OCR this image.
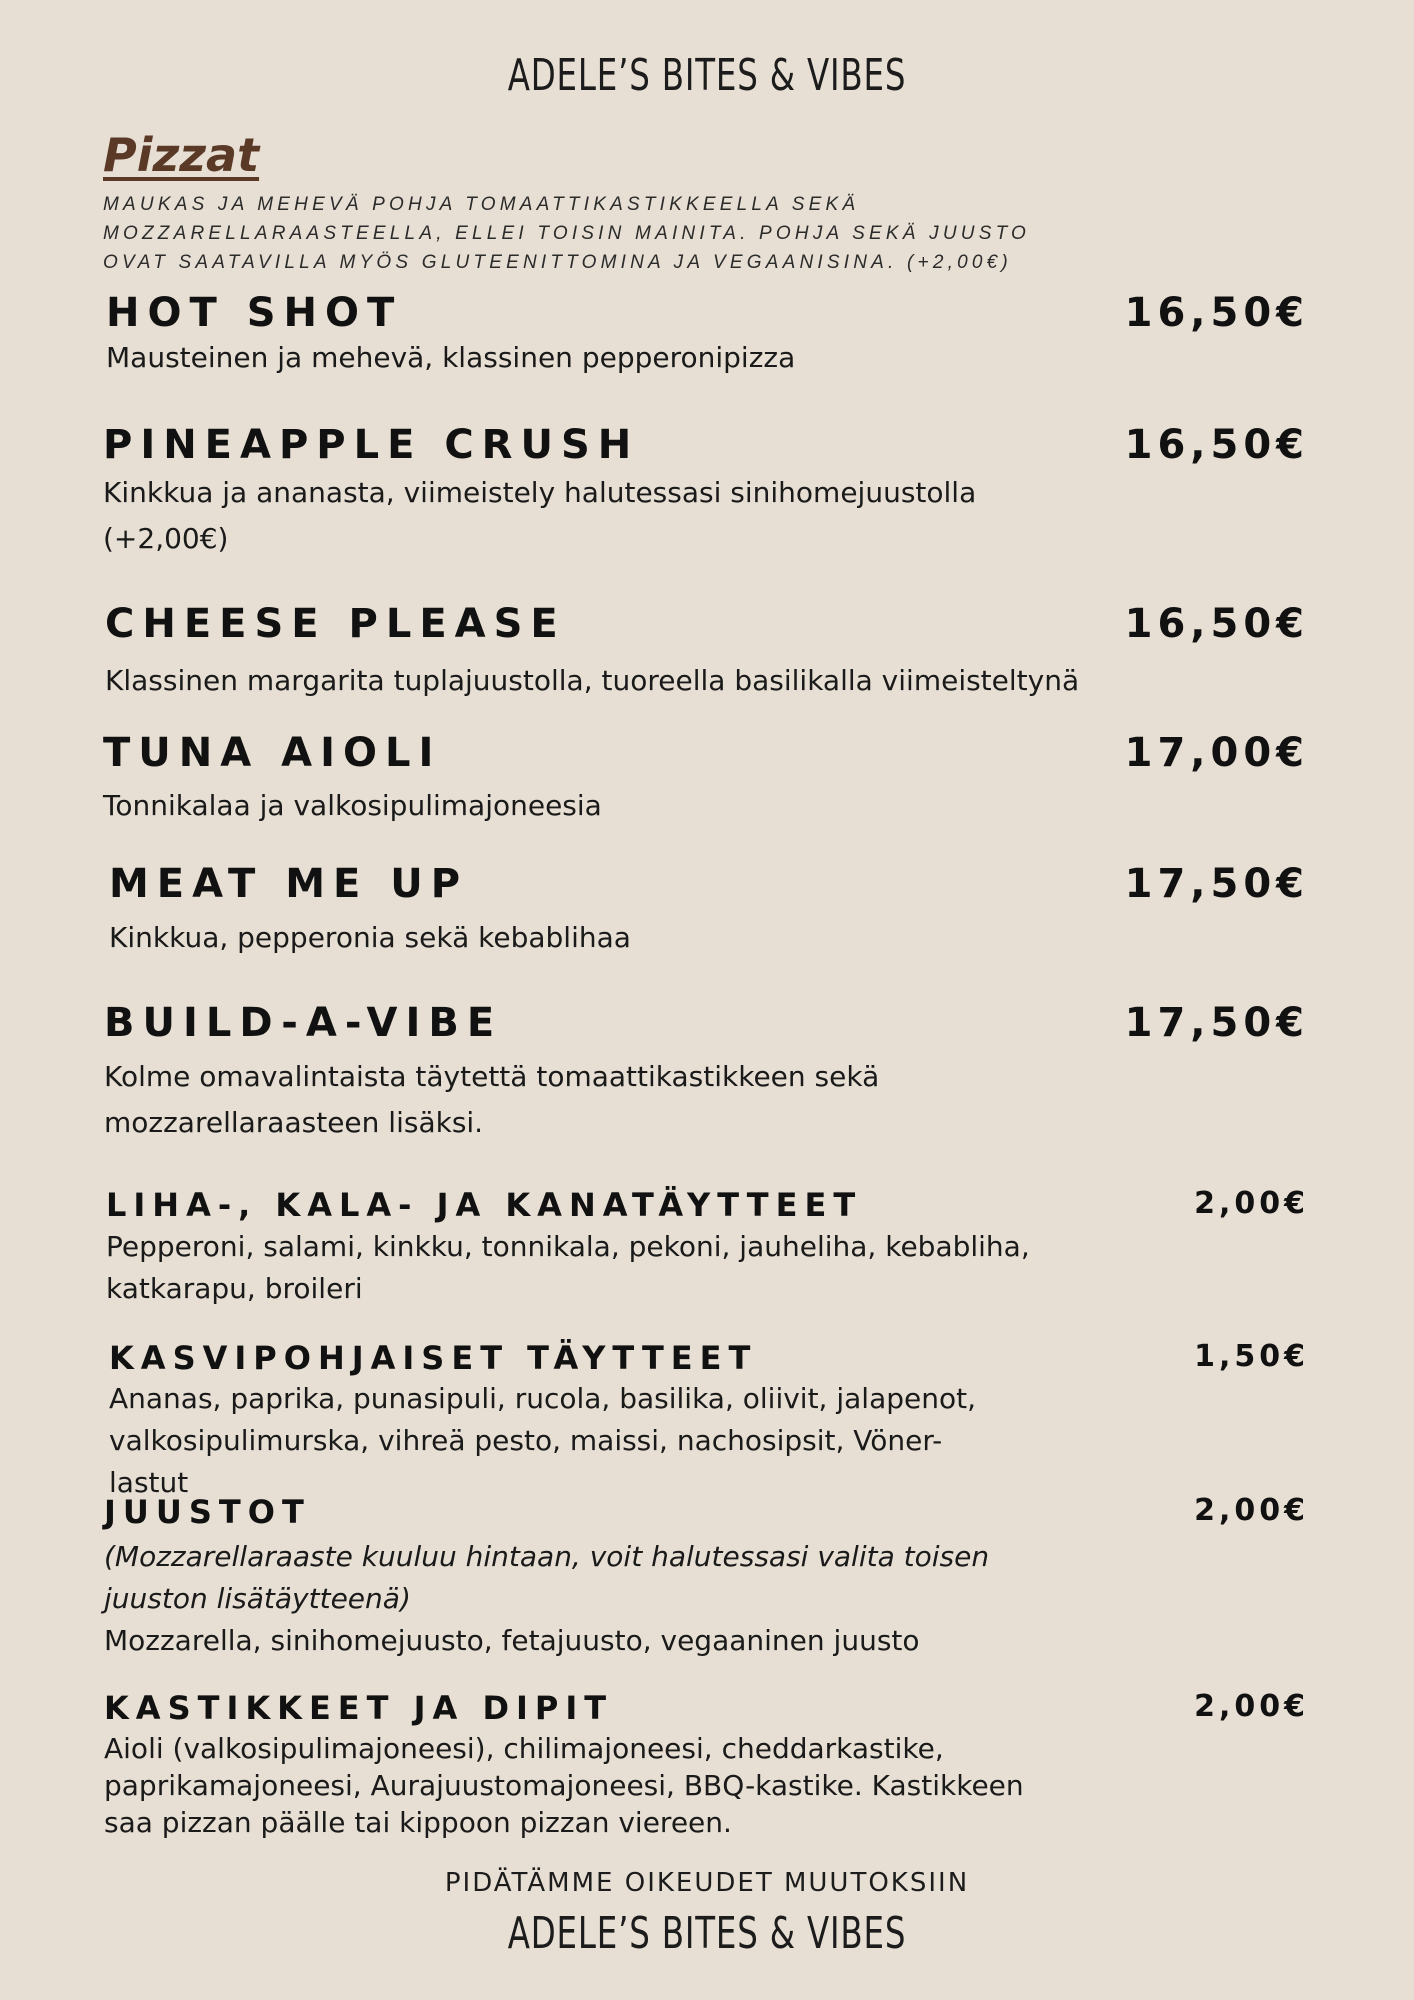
ADELE’S BITES & VIBES
Pizzat

MAUKAS JA MEHEVÄ POHJA TOMAATTIKASTIKKEELLA SEKÄ MOZZARELLARAASTEELLA, ELLEI TOISIN MAINITA. POHJA SEKÄ JUUSTO OVAT SAATAVILLA MYÖS GLUTEENITTOMINA JA VEGAANISINA. (+2,00€)

HOT SHOT	16,50€
Mausteinen ja mehevä, klassinen pepperonipizza
PINEAPPLE CRUSH	16,50€
Kinkkua ja ananasta, viimeistely halutessasi sinihomejuustolla (+2,00€)
CHEESE PLEASE	16,50€
Klassinen margarita tuplajuustolla, tuoreella basilikalla viimeisteltynä
TUNA AIOLI	17,00€
Tonnikalaa ja valkosipulimajoneesia
MEAT ME UP	17,50€
Kinkkua, pepperonia sekä kebablihaa
BUILD-A-VIBE	17,50€
Kolme omavalintaista täytettä tomaattikastikkeen sekä mozzarellaraasteen lisäksi.
LIHA-, KALA- JA KANATÄYTTEET	2,00€
Pepperoni, salami, kinkku, tonnikala, pekoni, jauheliha, kebabliha, katkarapu, broileri
KASVIPOHJAISET TÄYTTEET	1,50€
Ananas, paprika, punasipuli, rucola, basilika, oliivit, jalapenot, valkosipulimurska, vihreä pesto, maissi, nachosipsit, Vöner-lastut
JUUSTOT	2,00€
(Mozzarellaraaste kuuluu hintaan, voit halutessasi valita toisen juuston lisätäytteenä)
Mozzarella, sinihomejuusto, fetajuusto, vegaaninen juusto
KASTIKKEET JA DIPIT	2,00€
Aioli (valkosipulimajoneesi), chilimajoneesi, cheddarkastike, paprikamajoneesi, Aurajuustomajoneesi, BBQ-kastike. Kastikkeen saa pizzan päälle tai kippoon pizzan viereen.
PIDÄTÄMME OIKEUDET MUUTOKSIIN
ADELE’S BITES & VIBES
